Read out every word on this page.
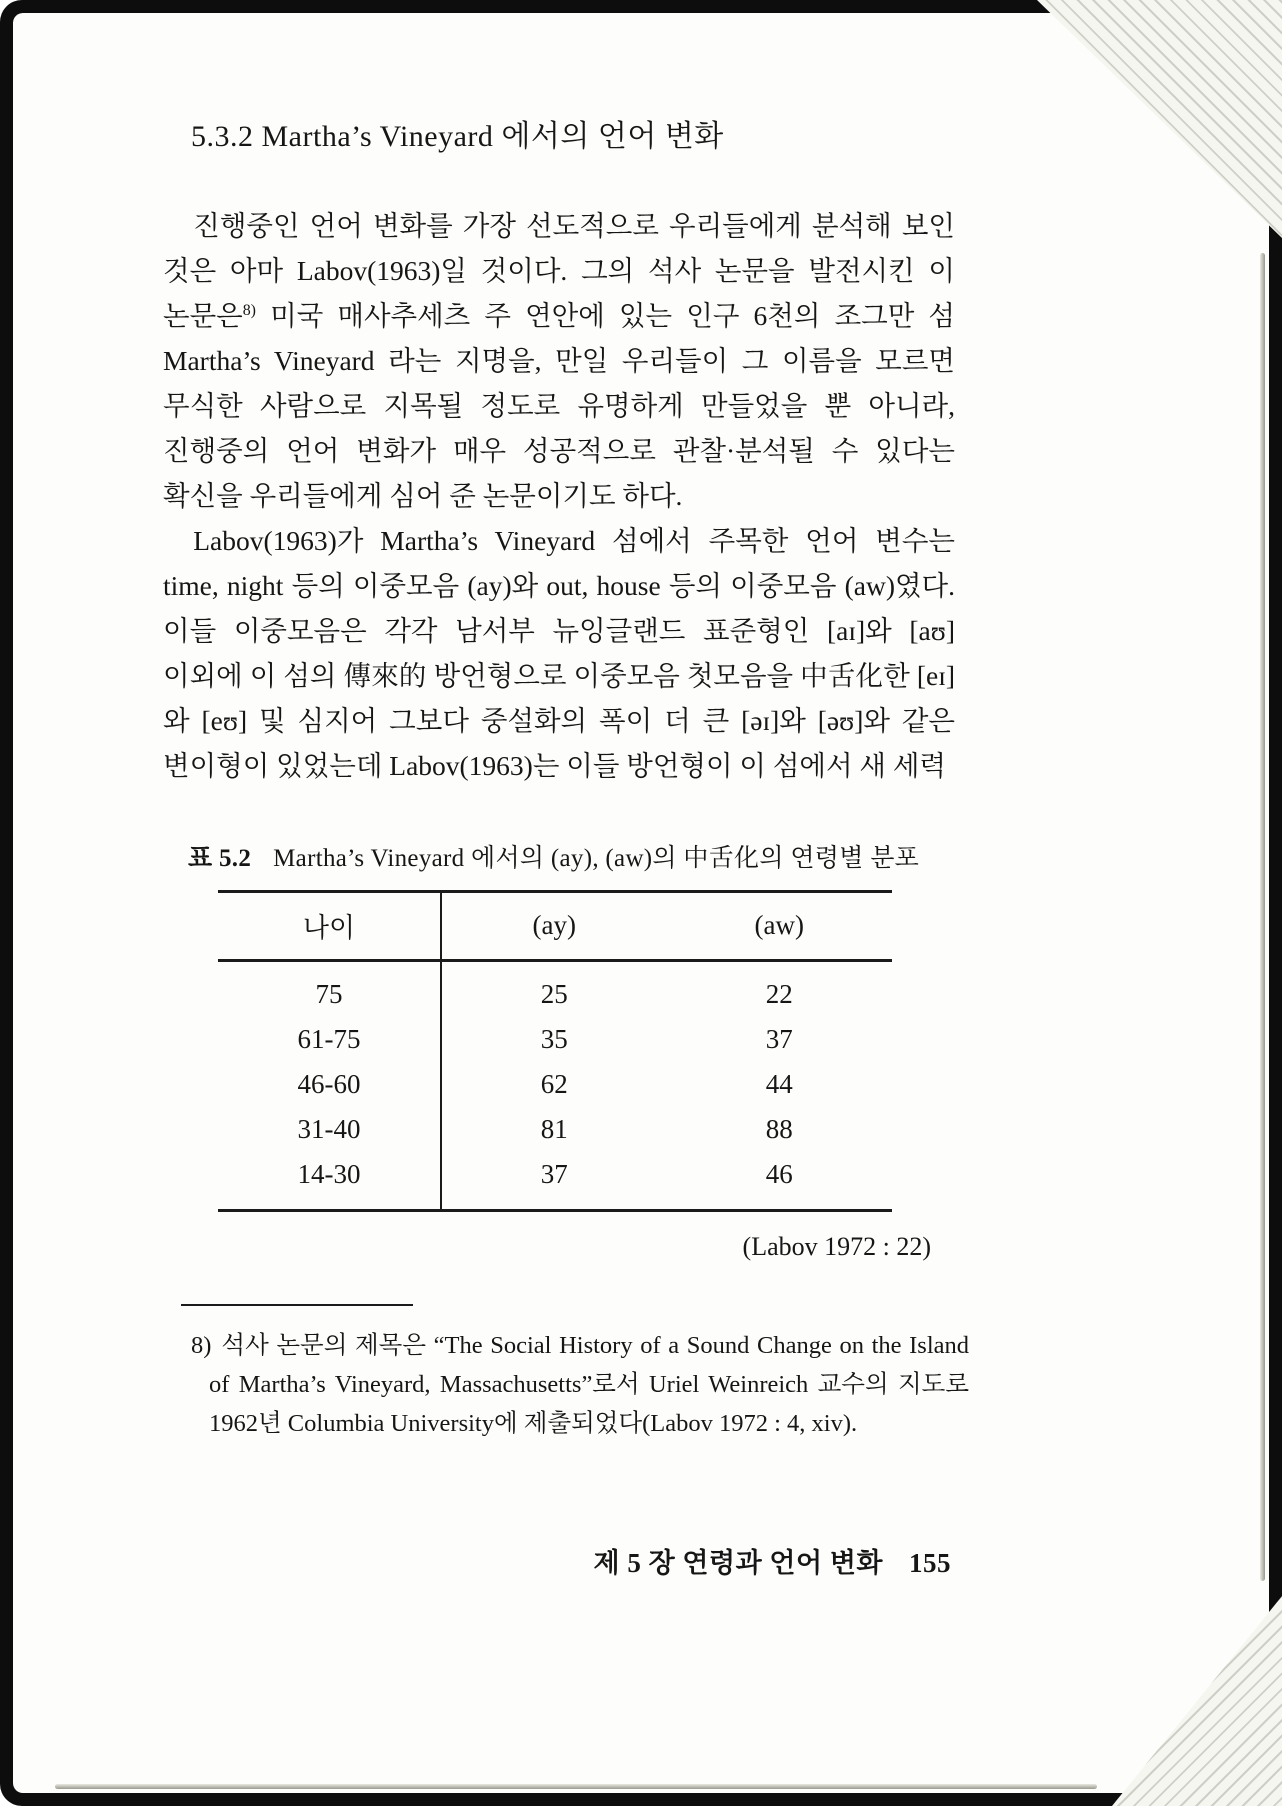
5.3.2 Martha’s Vineyard 에서의 언어 변화

진행중인 언어 변화를 가장 선도적으로 우리들에게 분석해 보인 것은 아마 Labov(1963)일 것이다. 그의 석사 논문을 발전시킨 이 논문은$^{8)}$ 미국 매사추세츠 주 연안에 있는 인구 6천의 조그만 섬 Martha’s Vineyard 라는 지명을, 만일 우리들이 그 이름을 모르면 무식한 사람으로 지목될 정도로 유명하게 만들었을 뿐 아니라, 진행중의 언어 변화가 매우 성공적으로 관찰·분석될 수 있다는 확신을 우리들에게 심어 준 논문이기도 하다.

Labov(1963)가 Martha’s Vineyard 섬에서 주목한 언어 변수는 time, night 등의 이중모음 (ay)와 out, house 등의 이중모음 (aw)였다. 이들 이중모음은 각각 남서부 뉴잉글랜드 표준형인 [aɪ]와 [aʊ] 이외에 이 섬의 傳來的 방언형으로 이중모음 첫모음을 中舌化한 [eɪ]와 [eʊ] 및 심지어 그보다 중설화의 폭이 더 큰 [əɪ]와 [əʊ]와 같은 변이형이 있었는데 Labov(1963)는 이들 방언형이 이 섬에서 새 세력

표 5.2 Martha’s Vineyard 에서의 (ay), (aw)의 中舌化의 연령별 분포
나이	(ay)	(aw)
75	25	22
61-75	35	37
46-60	62	44
31-40	81	88
14-30	37	46
(Labov 1972 : 22)
8) 석사 논문의 제목은 “The Social History of a Sound Change on the Island of Martha’s Vineyard, Massachusetts”로서 Uriel Weinreich 교수의 지도로 1962년 Columbia University에 제출되었다(Labov 1972 : 4, xiv).
제 5 장 연령과 언어 변화 155
